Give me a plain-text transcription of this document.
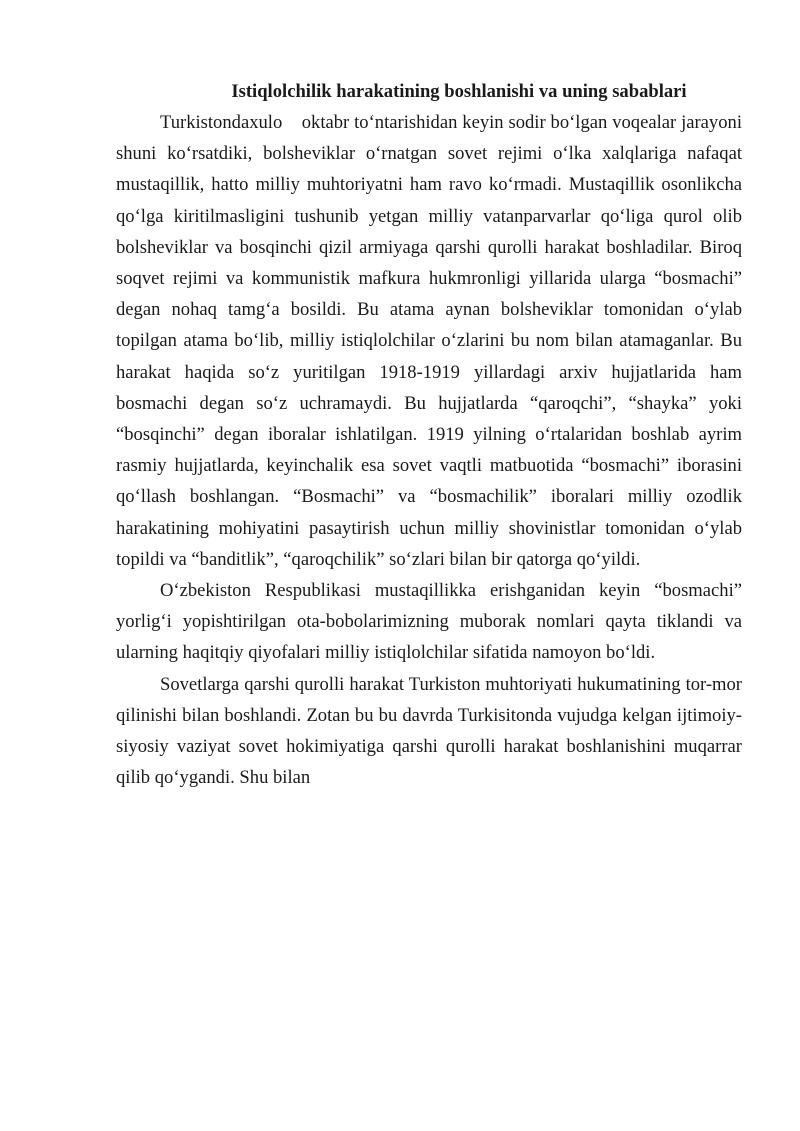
Istiqlolchilik harakatining boshlanishi va uning sabablari

Turkistondaxulo    oktabr to‘ntarishidan keyin sodir bo‘lgan voqealar jarayoni shuni ko‘rsatdiki, bolsheviklar o‘rnatgan sovet rejimi o‘lka xalqlariga nafaqat mustaqillik, hatto milliy muhtoriyatni ham ravo ko‘rmadi. Mustaqillik osonlikcha qo‘lga kiritilmasligini tushunib yetgan milliy vatanparvarlar qo‘liga qurol olib bolsheviklar va bosqinchi qizil armiyaga qarshi qurolli harakat boshladilar. Biroq soqvet rejimi va kommunistik mafkura hukmronligi yillarida ularga “bosmachi” degan nohaq tamg‘a bosildi. Bu atama aynan bolsheviklar tomonidan o‘ylab topilgan atama bo‘lib, milliy istiqlolchilar o‘zlarini bu nom bilan atamaganlar. Bu harakat haqida so‘z yuritilgan 1918-1919 yillardagi arxiv hujjatlarida ham bosmachi degan so‘z uchramaydi. Bu hujjatlarda “qaroqchi”, “shayka” yoki “bosqinchi” degan iboralar ishlatilgan. 1919 yilning o‘rtalaridan boshlab ayrim rasmiy hujjatlarda, keyinchalik esa sovet vaqtli matbuotida “bosmachi” iborasini qo‘llash boshlangan. “Bosmachi” va “bosmachilik” iboralari milliy ozodlik harakatining mohiyatini pasaytirish uchun milliy shovinistlar tomonidan o‘ylab topildi va “banditlik”, “qaroqchilik” so‘zlari bilan bir qatorga qo‘yildi.

O‘zbekiston Respublikasi mustaqillikka erishganidan keyin “bosmachi” yorlig‘i yopishtirilgan ota-bobolarimizning muborak nomlari qayta tiklandi va ularning haqitqiy qiyofalari milliy istiqlolchilar sifatida namoyon bo‘ldi.

Sovetlarga qarshi qurolli harakat Turkiston muhtoriyati hukumatining tor-mor qilinishi bilan boshlandi. Zotan bu bu davrda Turkisitonda vujudga kelgan ijtimoiy-siyosiy vaziyat sovet hokimiyatiga qarshi qurolli harakat boshlanishini muqarrar qilib qo‘ygandi. Shu bilan
